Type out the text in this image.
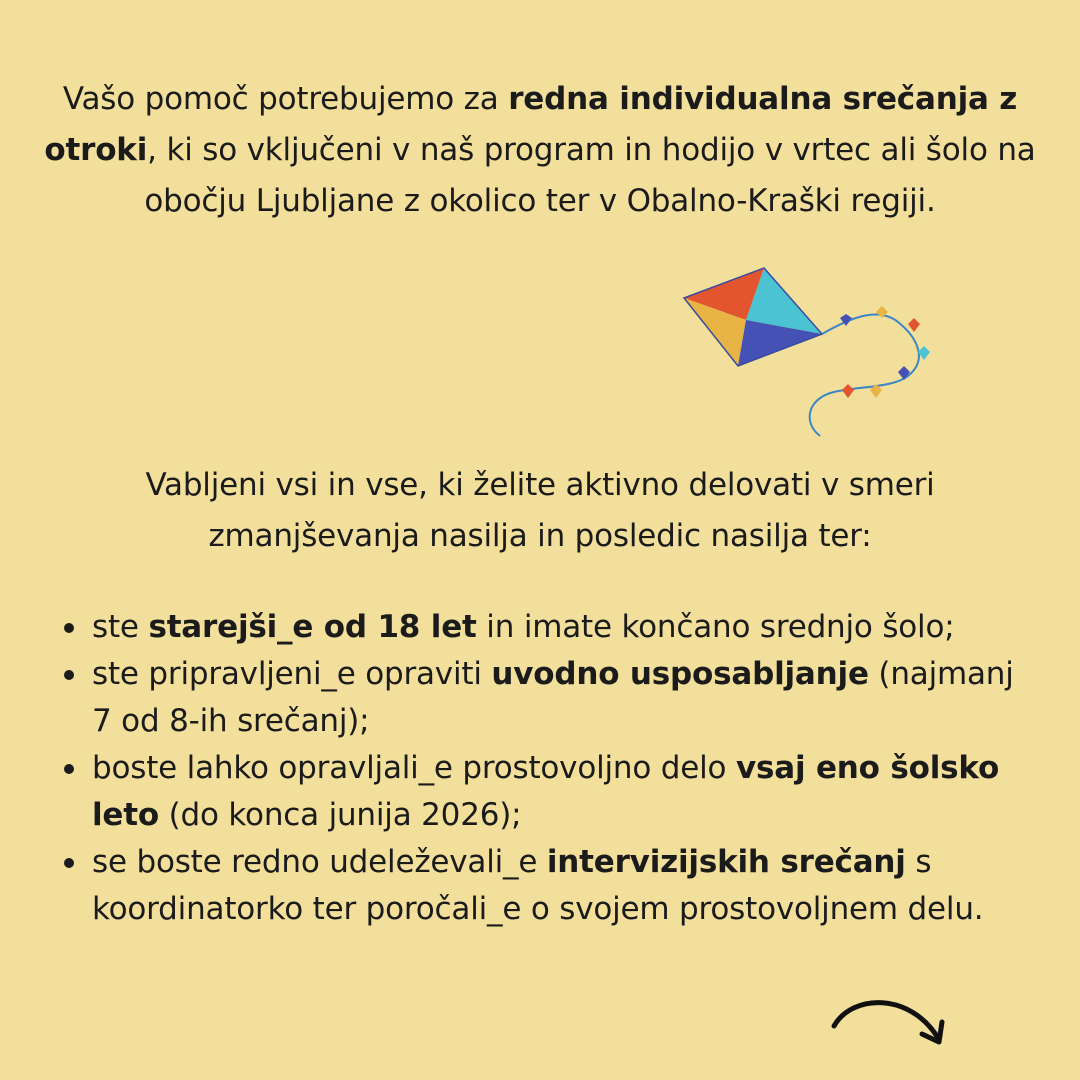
Vašo pomoč potrebujemo za redna individualna srečanja z otroki, ki so vključeni v naš program in hodijo v vrtec ali šolo na obočju Ljubljane z okolico ter v Obalno-Kraški regiji.

Vabljeni vsi in vse, ki želite aktivno delovati v smeri zmanjševanja nasilja in posledic nasilja ter:

ste starejši_e od 18 let in imate končano srednjo šolo;
ste pripravljeni_e opraviti uvodno usposabljanje (najmanj 7 od 8-ih srečanj);
boste lahko opravljali_e prostovoljno delo vsaj eno šolsko leto (do konca junija 2026);
se boste redno udeleževali_e intervizijskih srečanj s koordinatorko ter poročali_e o svojem prostovoljnem delu.
